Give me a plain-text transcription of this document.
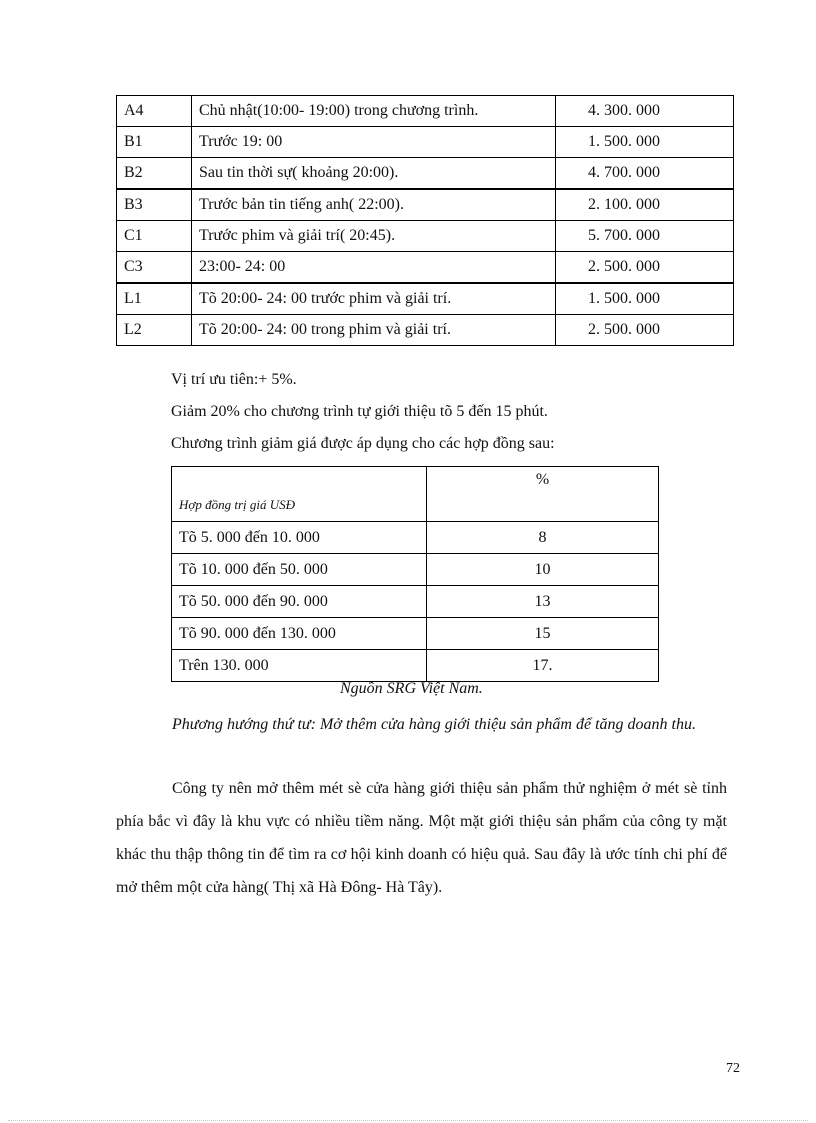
A4	Chủ nhật(10:00- 19:00) trong chương trình.	4. 300. 000
B1	Trước 19: 00	1. 500. 000
B2	Sau tin thời sự( khoảng 20:00).	4. 700. 000
B3	Trước bản tin tiếng anh( 22:00).	2. 100. 000
C1	Trước phim và giải trí( 20:45).	5. 700. 000
C3	23:00- 24: 00	2. 500. 000
L1	Tõ 20:00- 24: 00 trước phim và giải trí.	1. 500. 000
L2	Tõ 20:00- 24: 00 trong phim và giải trí.	2. 500. 000
Vị trí ưu tiên:+ 5%.
Giảm 20% cho chương trình tự giới thiệu tõ 5 đến 15 phút.
Chương trình giảm giá được áp dụng cho các hợp đồng sau:
Hợp đồng trị giá USĐ	%
Tõ 5. 000 đến 10. 000	8
Tõ 10. 000 đến 50. 000	10
Tõ 50. 000 đến 90. 000	13
Tõ 90. 000 đến 130. 000	15
Trên 130. 000	17.
Nguồn SRG Việt Nam.
Phương hướng thứ tư: Mở thêm cửa hàng giới thiệu sản phẩm để tăng doanh thu.
Công ty nên mở thêm mét sè cửa hàng giới thiệu sản phẩm thử nghiệm ở mét sè tỉnh phía bắc vì đây là khu vực có nhiều tiềm năng. Một mặt giới thiệu sản phẩm của công ty mặt khác thu thập thông tin để tìm ra cơ hội kinh doanh có hiệu quả. Sau đây là ước tính chi phí để mở thêm một cửa hàng( Thị xã Hà Đông- Hà Tây).
72
